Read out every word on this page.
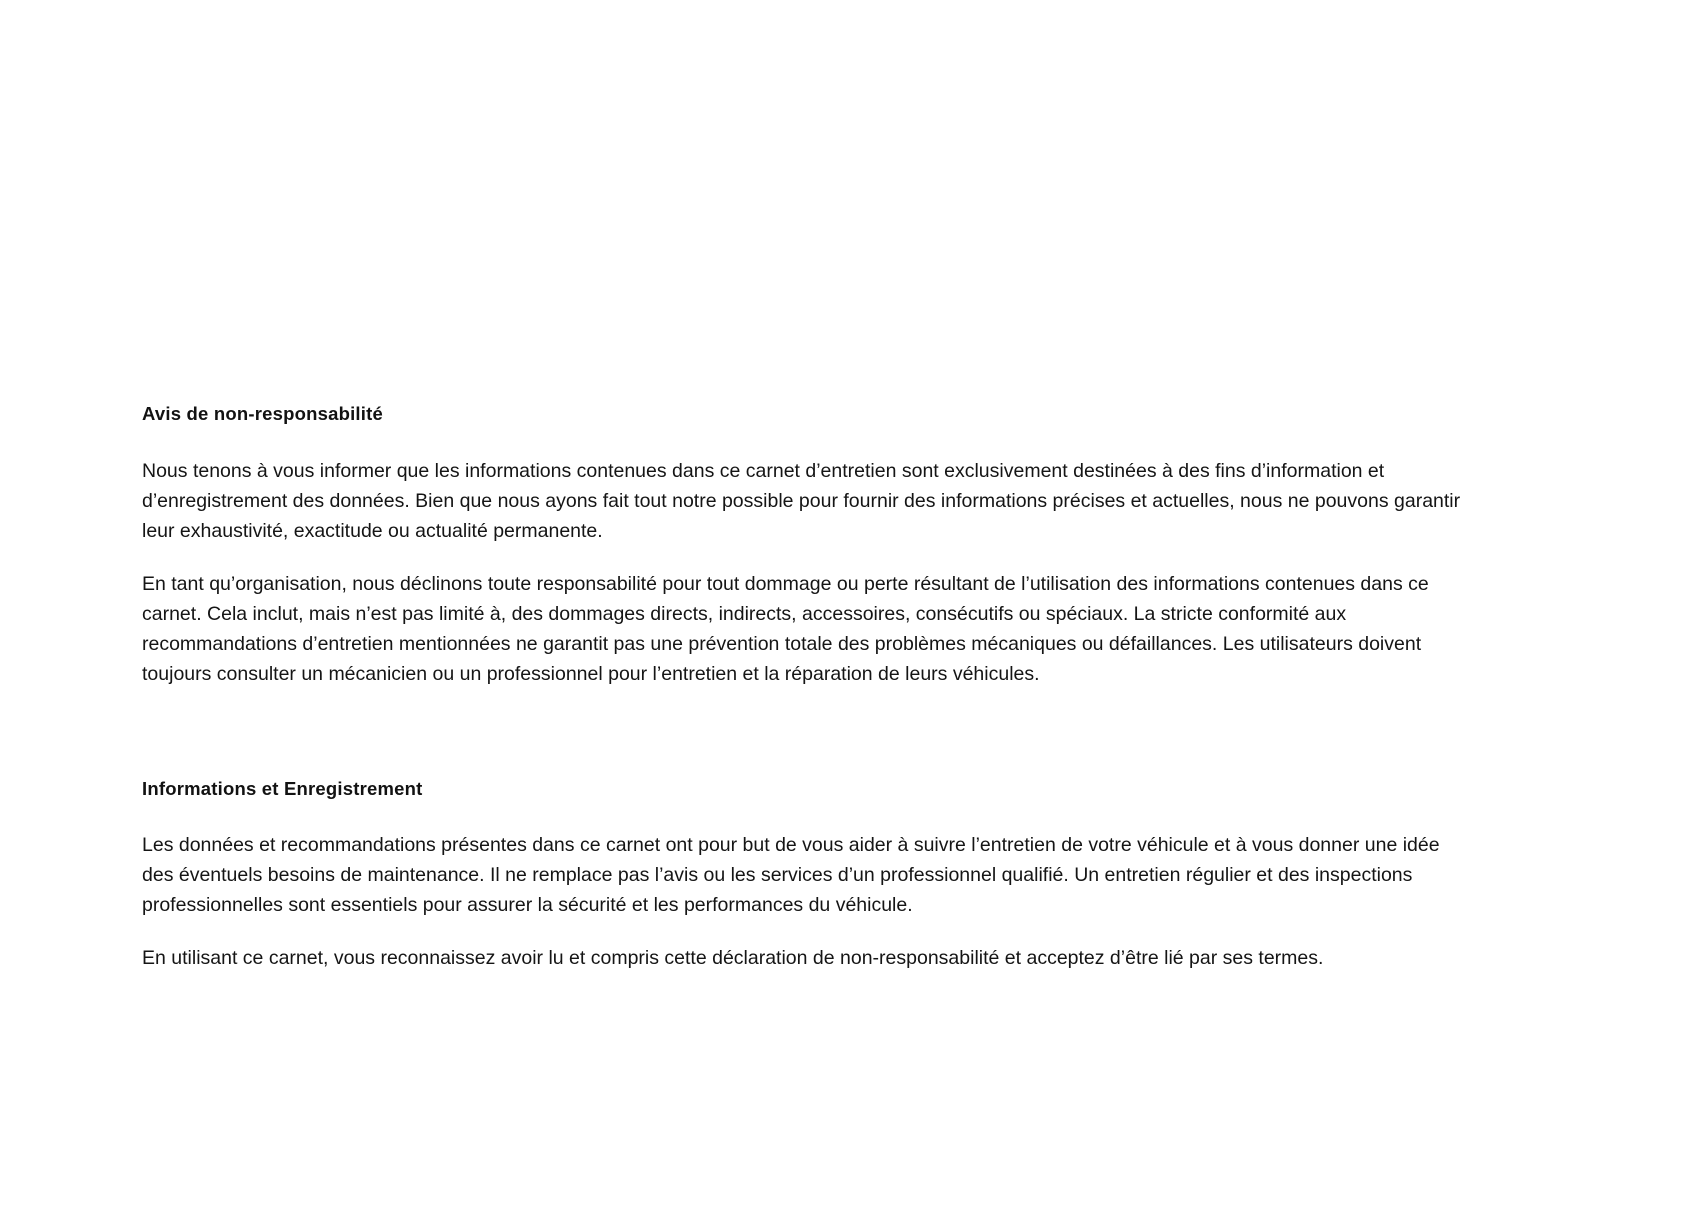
Avis de non-responsabilité

Nous tenons à vous informer que les informations contenues dans ce carnet d’entretien sont exclusivement destinées à des fins d’information et d’enregistrement des données. Bien que nous ayons fait tout notre possible pour fournir des informations précises et actuelles, nous ne pouvons garantir leur exhaustivité, exactitude ou actualité permanente.

En tant qu’organisation, nous déclinons toute responsabilité pour tout dommage ou perte résultant de l’utilisation des informations contenues dans ce carnet. Cela inclut, mais n’est pas limité à, des dommages directs, indirects, accessoires, consécutifs ou spéciaux. La stricte conformité aux recommandations d’entretien mentionnées ne garantit pas une prévention totale des problèmes mécaniques ou défaillances. Les utilisateurs doivent toujours consulter un mécanicien ou un professionnel pour l’entretien et la réparation de leurs véhicules.

Informations et Enregistrement

Les données et recommandations présentes dans ce carnet ont pour but de vous aider à suivre l’entretien de votre véhicule et à vous donner une idée des éventuels besoins de maintenance. Il ne remplace pas l’avis ou les services d’un professionnel qualifié. Un entretien régulier et des inspections professionnelles sont essentiels pour assurer la sécurité et les performances du véhicule.

En utilisant ce carnet, vous reconnaissez avoir lu et compris cette déclaration de non-responsabilité et acceptez d’être lié par ses termes.
